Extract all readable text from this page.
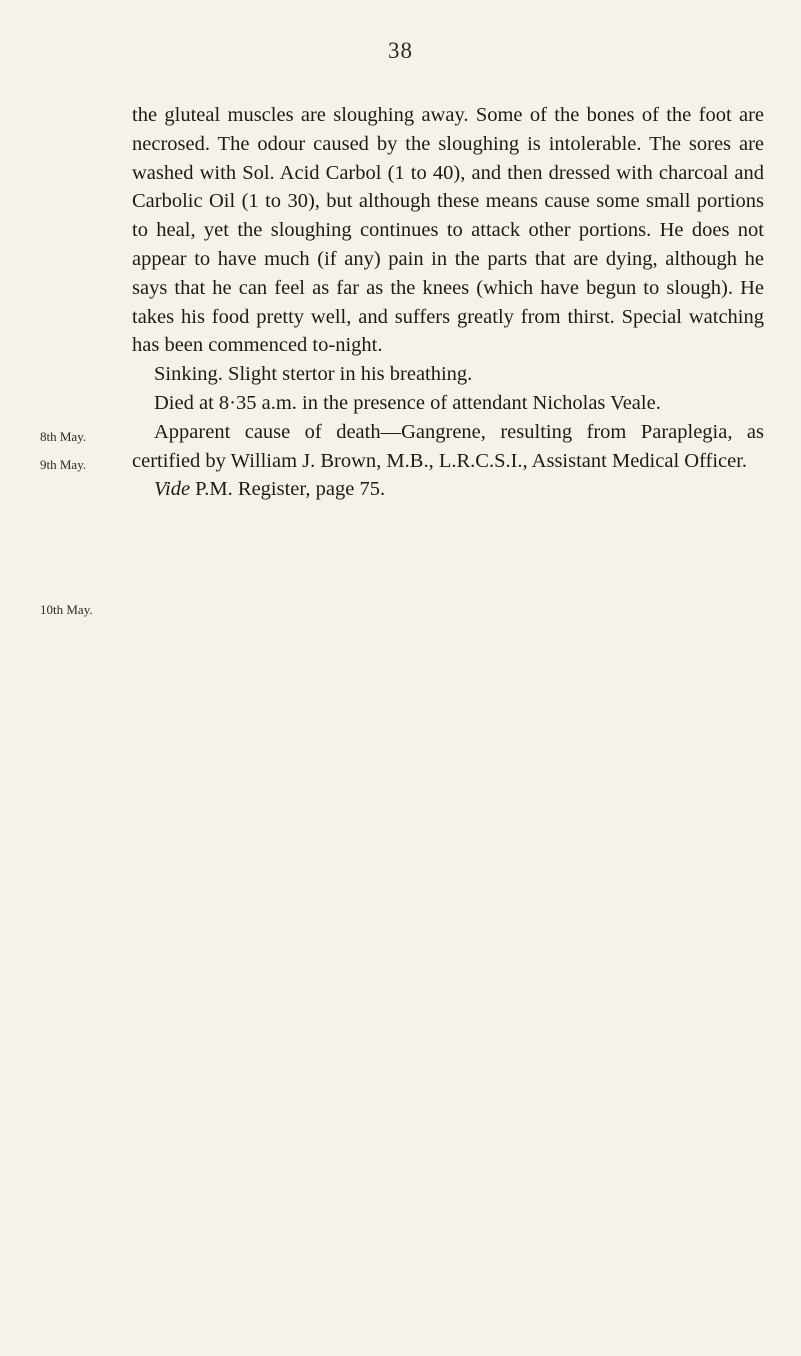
38
8th May.
9th May.
10th May.

the gluteal muscles are sloughing away. Some of the bones of the foot are necrosed. The odour caused by the sloughing is intolerable. The sores are washed with Sol. Acid Carbol (1 to 40), and then dressed with charcoal and Carbolic Oil (1 to 30), but although these means cause some small portions to heal, yet the sloughing continues to attack other portions. He does not appear to have much (if any) pain in the parts that are dying, although he says that he can feel as far as the knees (which have begun to slough). He takes his food pretty well, and suffers greatly from thirst. Special watching has been commenced to-night.

Sinking. Slight stertor in his breathing.

Died at 8·35 a.m. in the presence of attendant Nicholas Veale.

Apparent cause of death—Gangrene, resulting from Paraplegia, as certified by William J. Brown, M.B., L.R.C.S.I., Assistant Medical Officer.

Vide P.M. Register, page 75.
